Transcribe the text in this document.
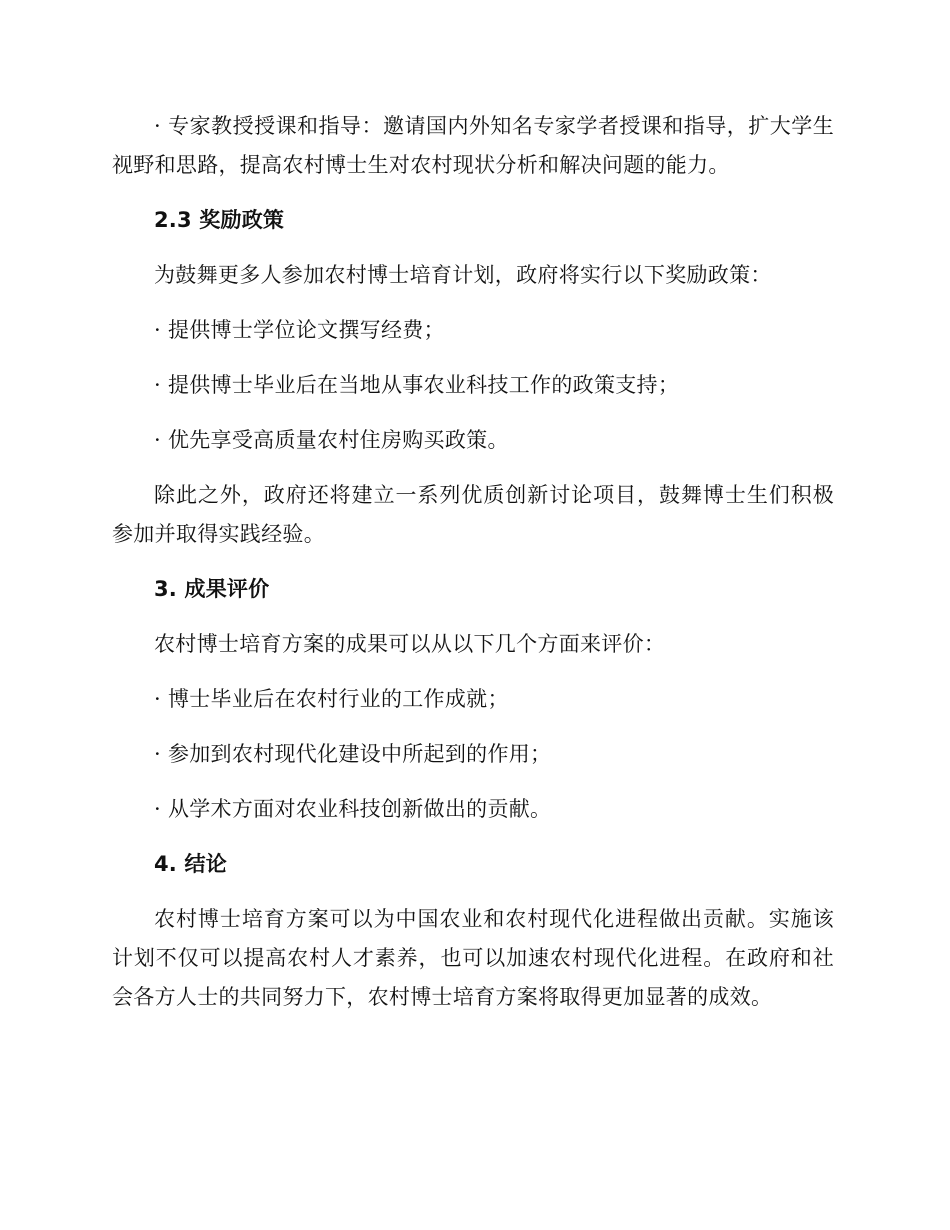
· 专家教授授课和指导：邀请国内外知名专家学者授课和指导，扩大学生视野和思路，提高农村博士生对农村现状分析和解决问题的能力。

2.3 奖励政策

为鼓舞更多人参加农村博士培育计划，政府将实行以下奖励政策：

· 提供博士学位论文撰写经费；

· 提供博士毕业后在当地从事农业科技工作的政策支持；

· 优先享受高质量农村住房购买政策。

除此之外，政府还将建立一系列优质创新讨论项目，鼓舞博士生们积极参加并取得实践经验。

3. 成果评价

农村博士培育方案的成果可以从以下几个方面来评价：

· 博士毕业后在农村行业的工作成就；

· 参加到农村现代化建设中所起到的作用；

· 从学术方面对农业科技创新做出的贡献。

4. 结论

农村博士培育方案可以为中国农业和农村现代化进程做出贡献。实施该计划不仅可以提高农村人才素养，也可以加速农村现代化进程。在政府和社会各方人士的共同努力下，农村博士培育方案将取得更加显著的成效。
